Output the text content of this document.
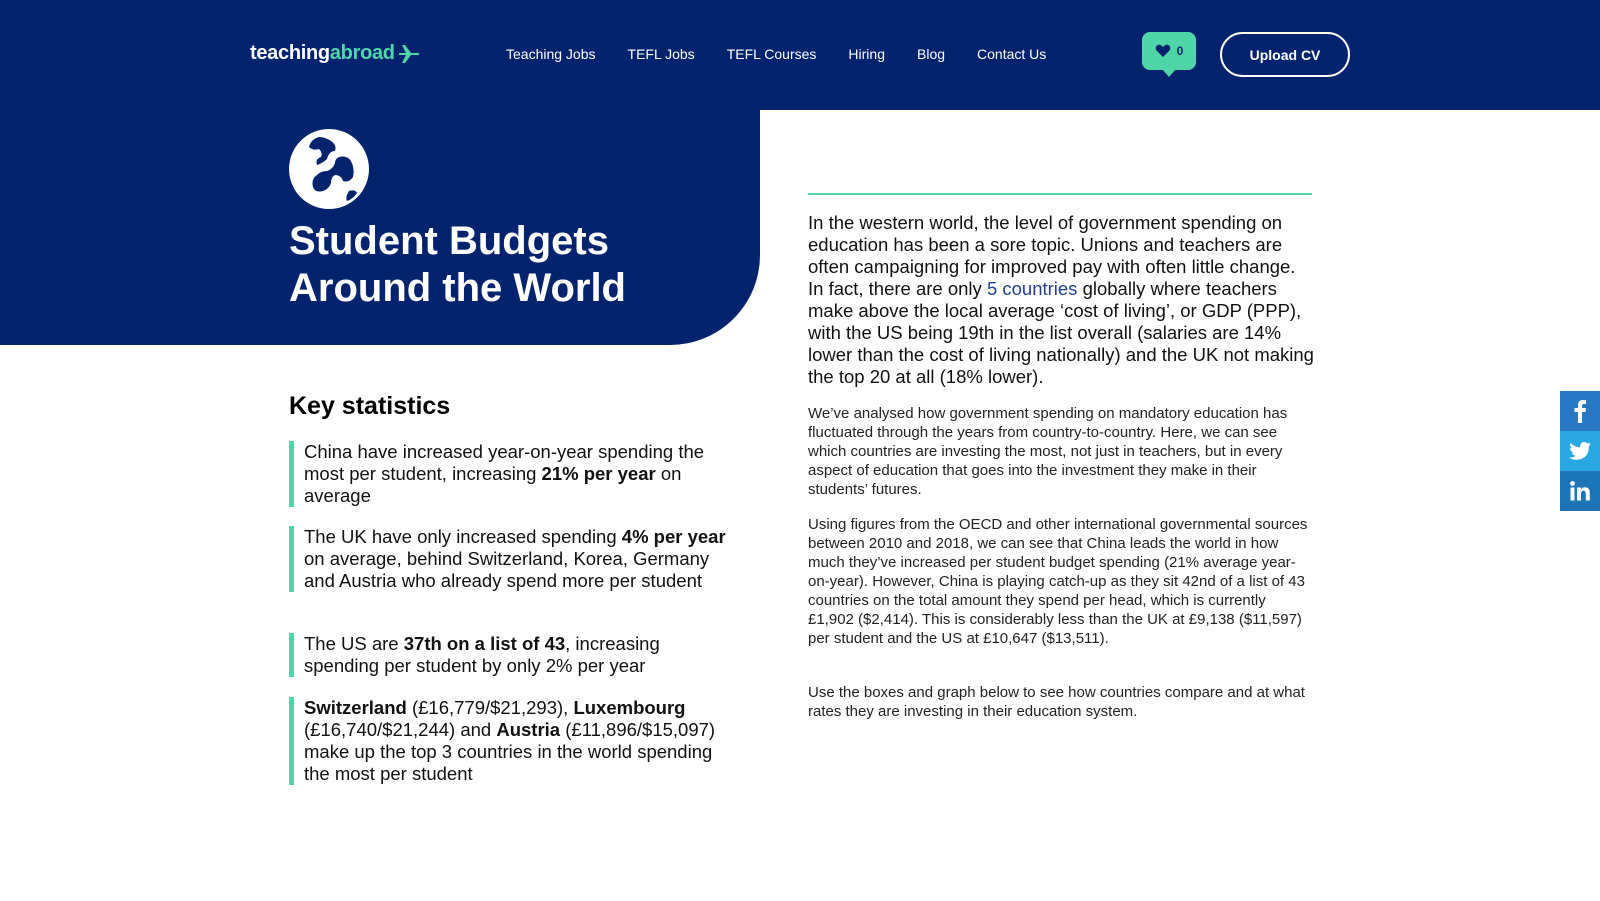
teaching abroad	Teaching Jobs TEFL Jobs TEFL Courses Hiring Blog Contact Us	0	Upload CV
Student Budgets Around the World
Key statistics
China have increased year-on-year spending the most per student, increasing 21% per year on average
The UK have only increased spending 4% per year on average, behind Switzerland, Korea, Germany and Austria who already spend more per student
The US are 37th on a list of 43, increasing spending per student by only 2% per year
Switzerland (£16,779/$21,293), Luxembourg (£16,740/$21,244) and Austria (£11,896/$15,097) make up the top 3 countries in the world spending the most per student

In the western world, the level of government spending on education has been a sore topic. Unions and teachers are often campaigning for improved pay with often little change. In fact, there are only 5 countries globally where teachers make above the local average ‘cost of living’, or GDP (PPP), with the US being 19th in the list overall (salaries are 14% lower than the cost of living nationally) and the UK not making the top 20 at all (18% lower).

We’ve analysed how government spending on mandatory education has fluctuated through the years from country-to-country. Here, we can see which countries are investing the most, not just in teachers, but in every aspect of education that goes into the investment they make in their students’ futures.

Using figures from the OECD and other international governmental sources between 2010 and 2018, we can see that China leads the world in how much they’ve increased per student budget spending (21% average year-on-year). However, China is playing catch-up as they sit 42nd of a list of 43 countries on the total amount they spend per head, which is currently £1,902 ($2,414). This is considerably less than the UK at £9,138 ($11,597) per student and the US at £10,647 ($13,511).

Use the boxes and graph below to see how countries compare and at what rates they are investing in their education system.
